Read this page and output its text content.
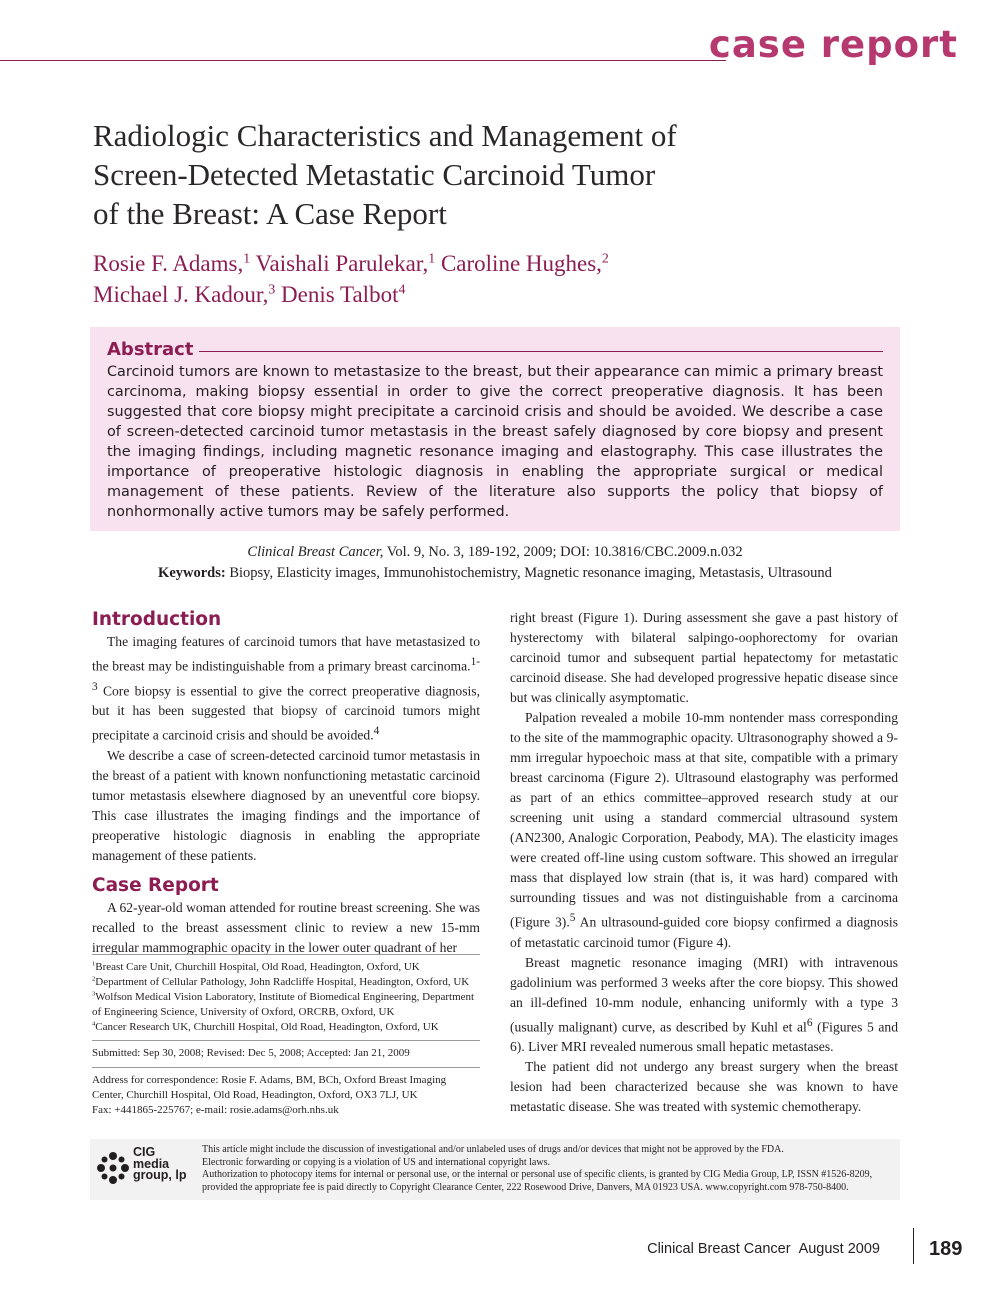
case report
Radiologic Characteristics and Management of
Screen-Detected Metastatic Carcinoid Tumor
of the Breast: A Case Report
Rosie F. Adams,$^1$ Vaishali Parulekar,$^1$ Caroline Hughes,$^2$
Michael J. Kadour,$^3$ Denis Talbot$^4$
Abstract
Carcinoid tumors are known to metastasize to the breast, but their appearance can mimic a primary breast carcinoma, making biopsy essential in order to give the correct preoperative diagnosis. It has been suggested that core biopsy might precipitate a carcinoid crisis and should be avoided. We describe a case of screen-detected carcinoid tumor metastasis in the breast safely diagnosed by core biopsy and present the imaging findings, including magnetic resonance imaging and elastography. This case illustrates the importance of preoperative histologic diagnosis in enabling the appropriate surgical or medical management of these patients. Review of the literature also supports the policy that biopsy of nonhormonally active tumors may be safely performed.
Clinical Breast Cancer, Vol. 9, No. 3, 189-192, 2009; DOI: 10.3816/CBC.2009.n.032
Keywords: Biopsy, Elasticity images, Immunohistochemistry, Magnetic resonance imaging, Metastasis, Ultrasound
Introduction

The imaging features of carcinoid tumors that have metastasized to the breast may be indistinguishable from a primary breast carcinoma.$^{1-3}$ Core biopsy is essential to give the correct preoperative diagnosis, but it has been suggested that biopsy of carcinoid tumors might precipitate a carcinoid crisis and should be avoided.$^4$

We describe a case of screen-detected carcinoid tumor metastasis in the breast of a patient with known nonfunctioning metastatic carcinoid tumor metastasis elsewhere diagnosed by an uneventful core biopsy. This case illustrates the imaging findings and the importance of preoperative histologic diagnosis in enabling the appropriate management of these patients.

Case Report

A 62-year-old woman attended for routine breast screening. She was recalled to the breast assessment clinic to review a new 15-mm irregular mammographic opacity in the lower outer quadrant of her

$^1$Breast Care Unit, Churchill Hospital, Old Road, Headington, Oxford, UK
$^2$Department of Cellular Pathology, John Radcliffe Hospital, Headington, Oxford, UK
$^3$Wolfson Medical Vision Laboratory, Institute of Biomedical Engineering, Department of Engineering Science, University of Oxford, ORCRB, Oxford, UK
$^4$Cancer Research UK, Churchill Hospital, Old Road, Headington, Oxford, UK
Submitted: Sep 30, 2008; Revised: Dec 5, 2008; Accepted: Jan 21, 2009
Address for correspondence: Rosie F. Adams, BM, BCh, Oxford Breast Imaging
Center, Churchill Hospital, Old Road, Headington, Oxford, OX3 7LJ, UK
Fax: +441865-225767; e-mail: rosie.adams@orh.nhs.uk

right breast (Figure 1). During assessment she gave a past history of hysterectomy with bilateral salpingo-oophorectomy for ovarian carcinoid tumor and subsequent partial hepatectomy for metastatic carcinoid disease. She had developed progressive hepatic disease since but was clinically asymptomatic.

Palpation revealed a mobile 10-mm nontender mass corresponding to the site of the mammographic opacity. Ultrasonography showed a 9-mm irregular hypoechoic mass at that site, compatible with a primary breast carcinoma (Figure 2). Ultrasound elastography was performed as part of an ethics committee–approved research study at our screening unit using a standard commercial ultrasound system (AN2300, Analogic Corporation, Peabody, MA). The elasticity images were created off-line using custom software. This showed an irregular mass that displayed low strain (that is, it was hard) compared with surrounding tissues and was not distinguishable from a carcinoma (Figure 3).$^5$ An ultrasound-guided core biopsy confirmed a diagnosis of metastatic carcinoid tumor (Figure 4).

Breast magnetic resonance imaging (MRI) with intravenous gadolinium was performed 3 weeks after the core biopsy. This showed an ill-defined 10-mm nodule, enhancing uniformly with a type 3 (usually malignant) curve, as described by Kuhl et $al^6$ (Figures 5 and 6). Liver MRI revealed numerous small hepatic metastases.

The patient did not undergo any breast surgery when the breast lesion had been characterized because she was known to have metastatic disease. She was treated with systemic chemotherapy.

CIG
media
group, lp
This article might include the discussion of investigational and/or unlabeled uses of drugs and/or devices that might not be approved by the FDA.
Electronic forwarding or copying is a violation of US and international copyright laws.
Authorization to photocopy items for internal or personal use, or the internal or personal use of specific clients, is granted by CIG Media Group, LP, ISSN #1526-8209,
provided the appropriate fee is paid directly to Copyright Clearance Center, 222 Rosewood Drive, Danvers, MA 01923 USA. www.copyright.com 978-750-8400.
Clinical Breast Cancer August 2009 189
